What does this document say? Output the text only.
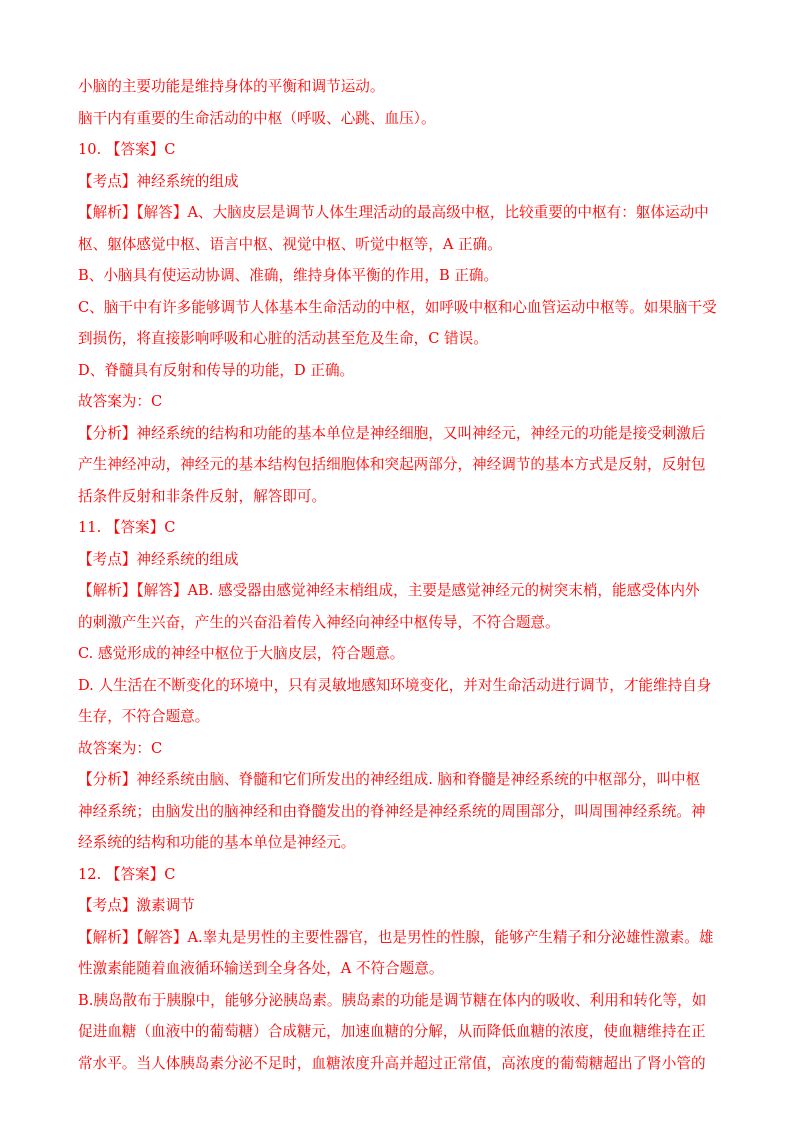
小脑的主要功能是维持身体的平衡和调节运动。
脑干内有重要的生命活动的中枢（呼吸、心跳、血压）。
10. 【答案】C
【考点】神经系统的组成
【解析】【解答】A、大脑皮层是调节人体生理活动的最高级中枢，比较重要的中枢有：躯体运动中
枢、躯体感觉中枢、语言中枢、视觉中枢、听觉中枢等，A 正确。
B、小脑具有使运动协调、准确，维持身体平衡的作用，B 正确。
C、脑干中有许多能够调节人体基本生命活动的中枢，如呼吸中枢和心血管运动中枢等。如果脑干受
到损伤，将直接影响呼吸和心脏的活动甚至危及生命，C 错误。
D、脊髓具有反射和传导的功能，D 正确。
故答案为：C
【分析】神经系统的结构和功能的基本单位是神经细胞，又叫神经元，神经元的功能是接受刺激后
产生神经冲动，神经元的基本结构包括细胞体和突起两部分，神经调节的基本方式是反射，反射包
括条件反射和非条件反射，解答即可。
11. 【答案】C
【考点】神经系统的组成
【解析】【解答】AB. 感受器由感觉神经末梢组成，主要是感觉神经元的树突末梢，能感受体内外
的刺激产生兴奋，产生的兴奋沿着传入神经向神经中枢传导，不符合题意。
C. 感觉形成的神经中枢位于大脑皮层，符合题意。
D. 人生活在不断变化的环境中，只有灵敏地感知环境变化，并对生命活动进行调节，才能维持自身
生存，不符合题意。
故答案为：C
【分析】神经系统由脑、脊髓和它们所发出的神经组成. 脑和脊髓是神经系统的中枢部分，叫中枢
神经系统；由脑发出的脑神经和由脊髓发出的脊神经是神经系统的周围部分，叫周围神经系统。神
经系统的结构和功能的基本单位是神经元。
12. 【答案】C
【考点】激素调节
【解析】【解答】A.睾丸是男性的主要性器官，也是男性的性腺，能够产生精子和分泌雄性激素。雄
性激素能随着血液循环输送到全身各处，A 不符合题意。
B.胰岛散布于胰腺中，能够分泌胰岛素。胰岛素的功能是调节糖在体内的吸收、利用和转化等，如
促进血糖（血液中的葡萄糖）合成糖元，加速血糖的分解，从而降低血糖的浓度，使血糖维持在正
常水平。当人体胰岛素分泌不足时，血糖浓度升高并超过正常值，高浓度的葡萄糖超出了肾小管的
